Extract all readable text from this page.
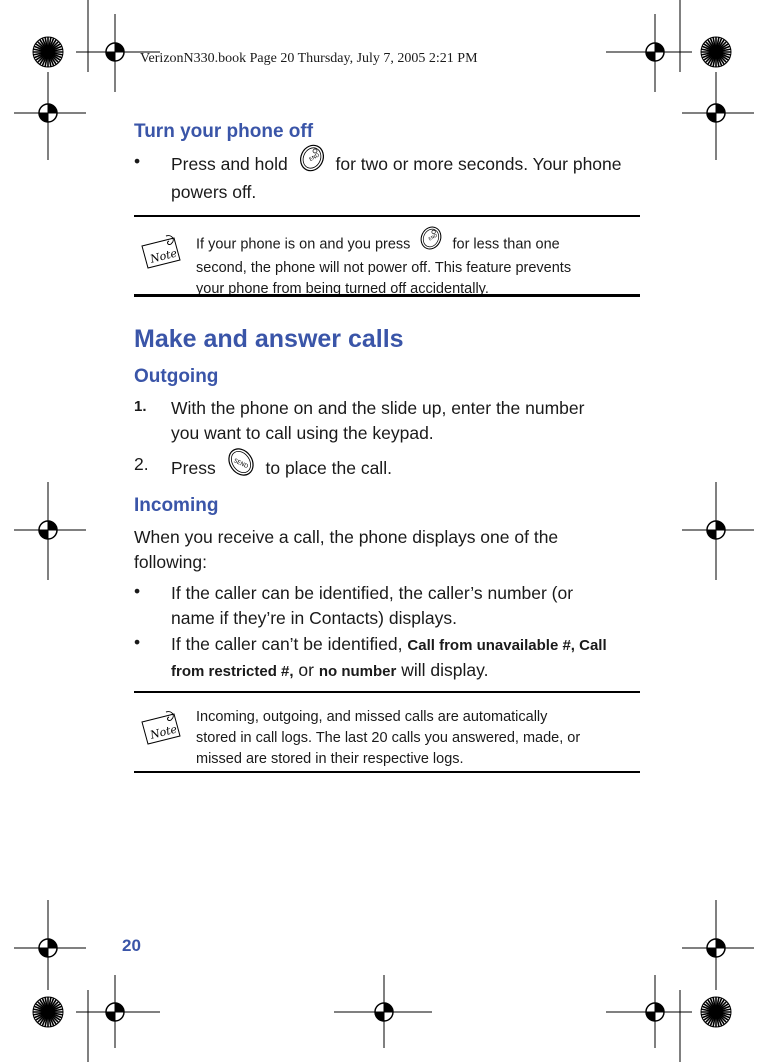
VerizonN330.book Page 20 Thursday, July 7, 2005 2:21 PM
Turn your phone off
• Press and hold	END for two or more seconds. Your phone
powers off.
Note
If your phone is on and you press	END for less than one
second, the phone will not power off. This feature prevents
your phone from being turned off accidentally.
Make and answer calls
Outgoing
1. With the phone on and the slide up, enter the number
you want to call using the keypad.
2. Press	SEND to place the call.
Incoming
When you receive a call, the phone displays one of the
following:
• If the caller can be identified, the caller’s number (or
name if they’re in Contacts) displays.
• If the caller can’t be identified, Call from unavailable #, Call
from restricted #, or no number will display.
Note
Incoming, outgoing, and missed calls are automatically
stored in call logs. The last 20 calls you answered, made, or
missed are stored in their respective logs.
20
